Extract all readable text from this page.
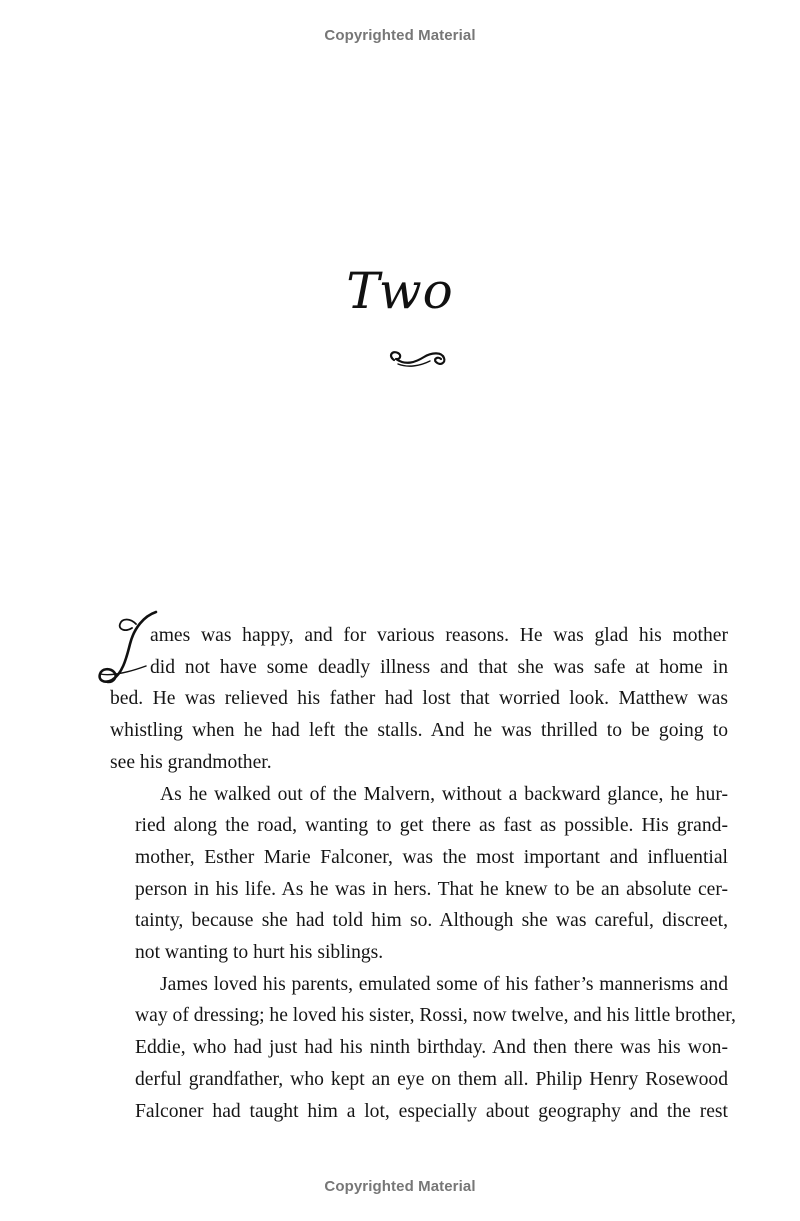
Copyrighted Material
Two

ames was happy, and for various reasons. He was glad his mother
did not have some deadly illness and that she was safe at home in
bed. He was relieved his father had lost that worried look. Matthew was
whistling when he had left the stalls. And he was thrilled to be going to
see his grandmother.

As he walked out of the Malvern, without a backward glance, he hur-
ried along the road, wanting to get there as fast as possible. His grand-
mother, Esther Marie Falconer, was the most important and influential
person in his life. As he was in hers. That he knew to be an absolute cer-
tainty, because she had told him so. Although she was careful, discreet,
not wanting to hurt his siblings.

James loved his parents, emulated some of his father’s mannerisms and
way of dressing; he loved his sister, Rossi, now twelve, and his little brother,
Eddie, who had just had his ninth birthday. And then there was his won-
derful grandfather, who kept an eye on them all. Philip Henry Rosewood
Falconer had taught him a lot, especially about geography and the rest

Copyrighted Material
